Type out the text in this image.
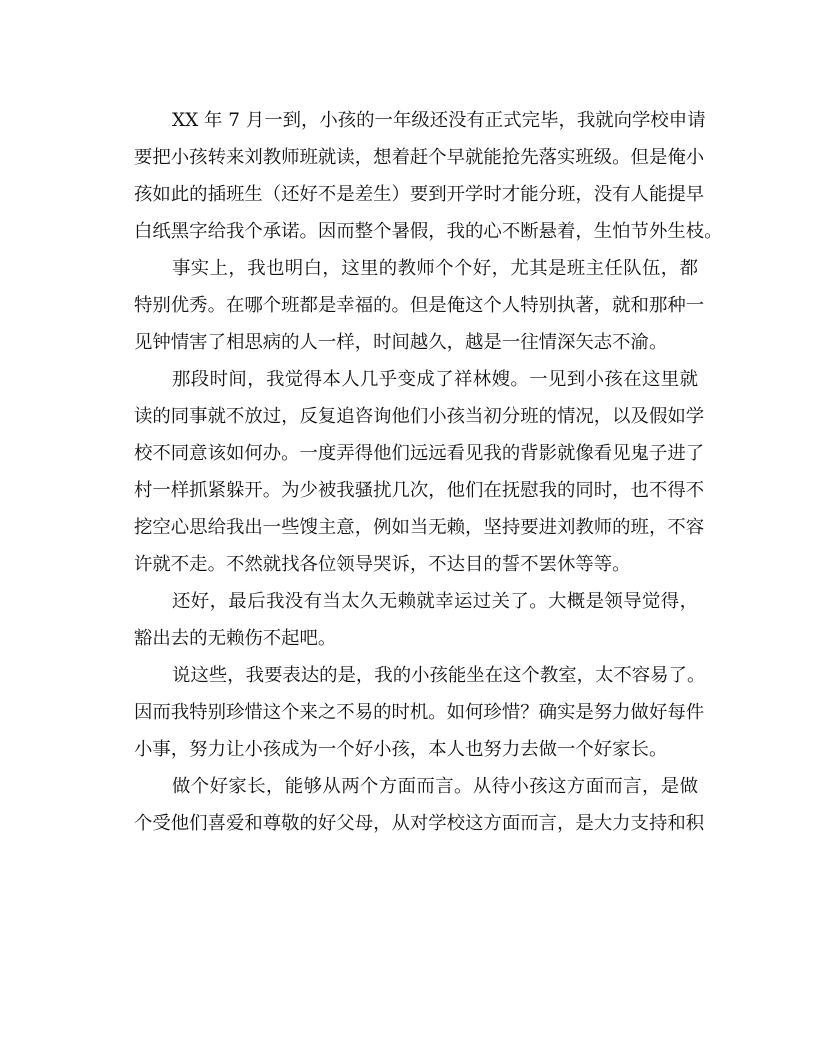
XX 年 7 月一到，小孩的一年级还没有正式完毕，我就向学校申请
要把小孩转来刘教师班就读，想着赶个早就能抢先落实班级。但是俺小
孩如此的插班生（还好不是差生）要到开学时才能分班，没有人能提早
白纸黑字给我个承诺。因而整个暑假，我的心不断悬着，生怕节外生枝。
事实上，我也明白，这里的教师个个好，尤其是班主任队伍，都
特别优秀。在哪个班都是幸福的。但是俺这个人特别执著，就和那种一
见钟情害了相思病的人一样，时间越久，越是一往情深矢志不渝。
那段时间，我觉得本人几乎变成了祥林嫂。一见到小孩在这里就
读的同事就不放过，反复追咨询他们小孩当初分班的情况，以及假如学
校不同意该如何办。一度弄得他们远远看见我的背影就像看见鬼子进了
村一样抓紧躲开。为少被我骚扰几次，他们在抚慰我的同时，也不得不
挖空心思给我出一些馊主意，例如当无赖，坚持要进刘教师的班，不容
许就不走。不然就找各位领导哭诉，不达目的誓不罢休等等。
还好，最后我没有当太久无赖就幸运过关了。大概是领导觉得，
豁出去的无赖伤不起吧。
说这些，我要表达的是，我的小孩能坐在这个教室，太不容易了。
因而我特别珍惜这个来之不易的时机。如何珍惜？确实是努力做好每件
小事，努力让小孩成为一个好小孩，本人也努力去做一个好家长。
做个好家长，能够从两个方面而言。从待小孩这方面而言，是做
个受他们喜爱和尊敬的好父母，从对学校这方面而言，是大力支持和积
